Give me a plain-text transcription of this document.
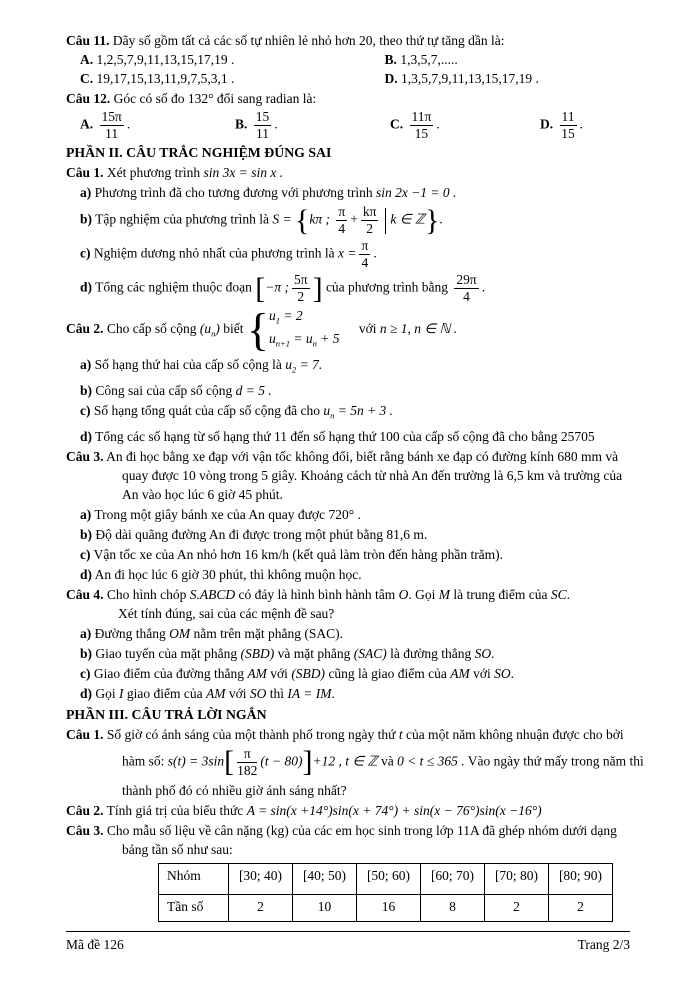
Câu 11. Dãy số gồm tất cả các số tự nhiên lẻ nhỏ hơn 20, theo thứ tự tăng dần là:
A. 1,2,5,7,9,11,13,15,17,19 .	B. 1,3,5,7,.....
C. 19,17,15,13,11,9,7,5,3,1 .	D. 1,3,5,7,9,11,13,15,17,19 .
Câu 12. Góc có số đo 132° đổi sang radian là:
A. $\frac{15\pi}{11}$ .	B. $\frac{15}{11}$ .	C. $\frac{11\pi}{15}$ .	D. $\frac{11}{15}$ .
PHẦN II. CÂU TRẮC NGHIỆM ĐÚNG SAI
Câu 1. Xét phương trình sin 3x = sin x .
a) Phương trình đã cho tương đương với phương trình sin 2x −1 = 0 .
b) Tập nghiệm của phương trình là S = {kπ ; $\frac{\pi}{4} + \frac{k\pi}{2}$ k ∈ ℤ}.
c) Nghiệm dương nhỏ nhất của phương trình là $x = \frac{\pi}{4}$ .
d) Tổng các nghiệm thuộc đoạn [−π ; $\frac{5\pi}{2}$ ] của phương trình bằng $\frac{29\pi}{4}$ .
Câu 2. Cho cấp số cộng $(u_n)$ biết { $u_1 = 2$
$u_{n+1} = u_n + 5$
với n ≥ 1, n ∈ ℕ .
a) Số hạng thứ hai của cấp số cộng là $u_2 = 7$.
b) Công sai của cấp số cộng d = 5 .
c) Số hạng tổng quát của cấp số cộng đã cho $u_n = 5n + 3$ .
d) Tổng các số hạng từ số hạng thứ 11 đến số hạng thứ 100 của cấp số cộng đã cho bằng 25705
Câu 3. An đi học bằng xe đạp với vận tốc không đổi, biết rằng bánh xe đạp có đường kính 680 mm và
quay được 10 vòng trong 5 giây. Khoảng cách từ nhà An đến trường là 6,5 km và trường của
An vào học lúc 6 giờ 45 phút.
a) Trong một giây bánh xe của An quay được 720° .
b) Độ dài quãng đường An đi được trong một phút bằng 81,6 m.
c) Vận tốc xe của An nhỏ hơn 16 km/h (kết quả làm tròn đến hàng phần trăm).
d) An đi học lúc 6 giờ 30 phút, thì không muộn học.
Câu 4. Cho hình chóp S.ABCD có đáy là hình bình hành tâm O. Gọi M là trung điểm của SC.
Xét tính đúng, sai của các mệnh đề sau?
a) Đường thẳng OM nằm trên mặt phẳng (SAC).
b) Giao tuyến của mặt phẳng (SBD) và mặt phẳng (SAC) là đường thẳng SO.
c) Giao điểm của đường thẳng AM với (SBD) cũng là giao điểm của AM với SO.
d) Gọi I giao điểm của AM với SO thì IA = IM.
PHẦN III. CÂU TRẢ LỜI NGẮN
Câu 1. Số giờ có ánh sáng của một thành phố trong ngày thứ t của một năm không nhuận được cho bởi
hàm số: $s(t) = 3\sin[ \frac{\pi}{182} (t - 80)]+12$ , t ∈ ℤ và 0 < t ≤ 365 . Vào ngày thứ mấy trong năm thì
thành phố đó có nhiều giờ ánh sáng nhất?
Câu 2. Tính giá trị của biểu thức A = sin(x +14°)sin(x + 74°) + sin(x − 76°)sin(x −16°)
Câu 3. Cho mẫu số liệu về cân nặng (kg) của các em học sinh trong lớp 11A đã ghép nhóm dưới dạng
bảng tần số như sau:
Nhóm	[30; 40)	[40; 50)	[50; 60)	[60; 70)	[70; 80)	[80; 90)
Tần số	2	10	16	8	2	2
Mã đề 126	Trang 2/3
